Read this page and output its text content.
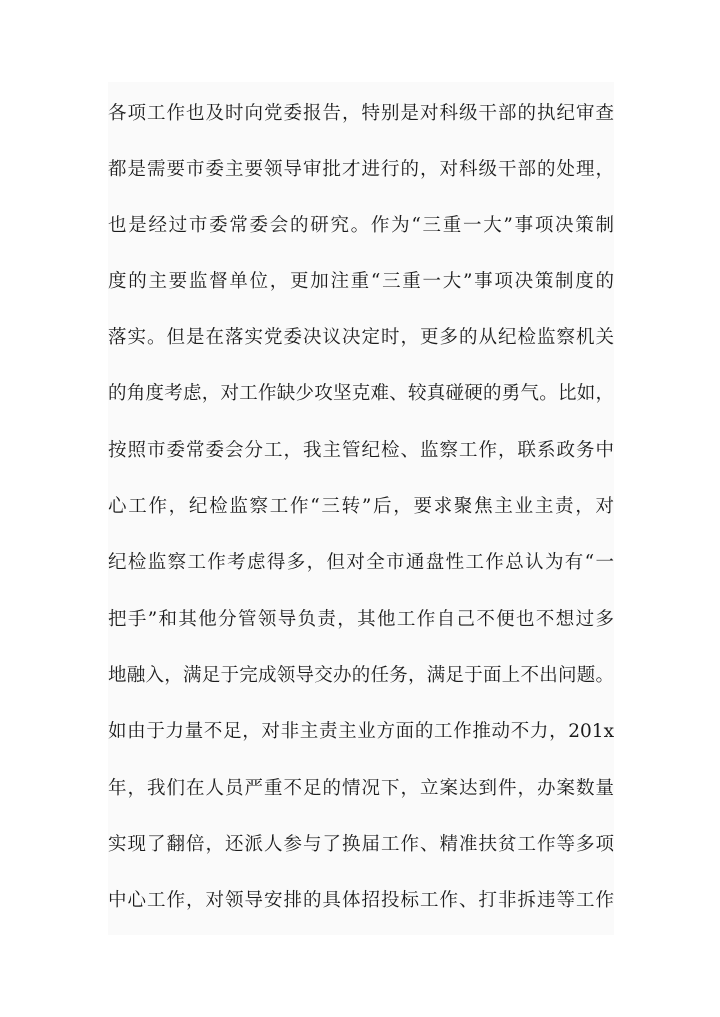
各项工作也及时向党委报告，特别是对科级干部的执纪审查
都是需要市委主要领导审批才进行的，对科级干部的处理，
也是经过市委常委会的研究。作为“三重一大”事项决策制
度的主要监督单位，更加注重“三重一大”事项决策制度的
落实。但是在落实党委决议决定时，更多的从纪检监察机关
的角度考虑，对工作缺少攻坚克难、较真碰硬的勇气。比如，
按照市委常委会分工，我主管纪检、监察工作，联系政务中
心工作，纪检监察工作“三转”后，要求聚焦主业主责，对
纪检监察工作考虑得多，但对全市通盘性工作总认为有“一
把手”和其他分管领导负责，其他工作自己不便也不想过多
地融入，满足于完成领导交办的任务，满足于面上不出问题。
如由于力量不足，对非主责主业方面的工作推动不力，201x
年，我们在人员严重不足的情况下，立案达到件，办案数量
实现了翻倍，还派人参与了换届工作、精准扶贫工作等多项
中心工作，对领导安排的具体招投标工作、打非拆违等工作
